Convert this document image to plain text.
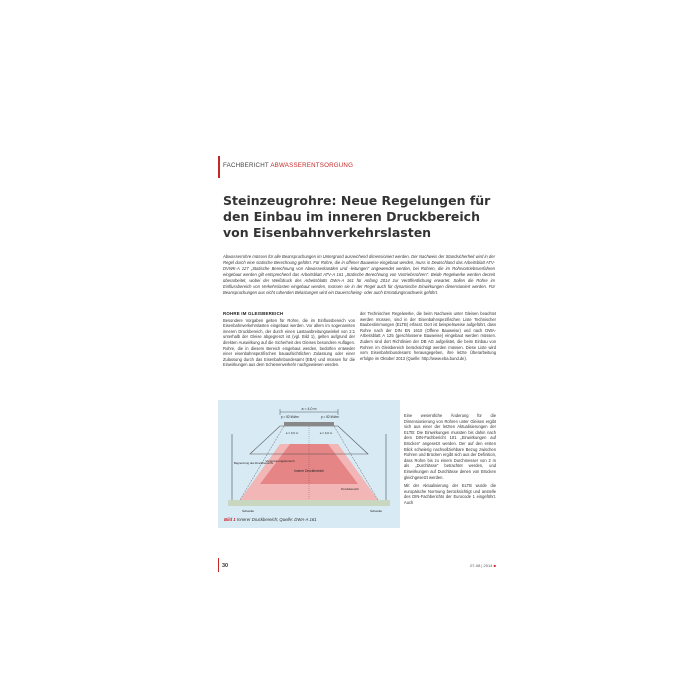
FACHBERICHT ABWASSERENTSORGUNG
Steinzeugrohre: Neue Regelungen für
den Einbau im inneren Druckbereich
von Eisenbahnverkehrslasten
Abwasserrohre müssen für alle Beanspruchungen im Untergrund ausreichend dimensioniert werden. Der Nachweis der Standsicherheit wird in der Regel durch eine statische Berechnung geführt. Für Rohre, die in offener Bauweise eingebaut werden, muss in Deutschland das Arbeitsblatt ATV-DVWK-A 127 „Statische Berechnung von Abwasserkanälen und -leitungen“ angewendet werden, bei Rohren, die im Rohrvortriebsverfahren eingebaut werden gilt entsprechend das Arbeitsblatt ATV-A 161 „Statische Berechnung von Vortriebsrohren“. Beide Regelwerke werden derzeit überarbeitet, wobei der Weißdruck des Arbeitsblatts DWA-A 161 für Anfang 2014 zur Veröffentlichung erwartet. Sollen die Rohre im Einflussbereich von Verkehrslasten eingebaut werden, müssen sie in der Regel auch für dynamische Einwirkungen dimensioniert werden. Für Beanspruchungen aus nicht ruhenden Belastungen wird ein Dauerschwing- oder auch Ermüdungsnachweis geführt.
ROHRE IM GLEISBEREICH

Besondere Vorgaben gelten für Rohre, die im Einflussbereich von Eisenbahnverkehrslasten eingebaut werden. Vor allem im sogenannten inneren Druckbereich, der durch einen Lastausbreitungswinkel von 2:1 unterhalb der Gleise abgegrenzt ist (vgl. Bild 1), gelten aufgrund der direkten Auswirkung auf die Sicherheit des Gleises besondere Auflagen. Rohre, die in diesem Bereich eingebaut werden, bedürfen entweder einer eisenbahnspezifischen bauaufsichtlichen Zulassung oder einer Zulassung durch das Eisenbahnbundesamt (EBA) und müssen für die Einwirkungen aus dem Schienenverkehr nachgewiesen werden.

der Technischen Regelwerke, die beim Nachweis unter Gleisen beachtet werden müssen, sind in der Eisenbahnspezifischen Liste Technischer Baubestimmungen (ELTB) erfasst. Dort ist beispielsweise aufgeführt, dass Rohre nach der DIN EN 1610 (Offene Bauweise) und nach DWA-Arbeitsblatt A 125 (geschlossene Bauweise) eingebaut werden müssen. Zudem sind dort Richtlinien der DB AG aufgelistet, die beim Einbau von Rohren im Gleisbereich berücksichtigt werden müssen. Diese Liste wird vom Eisenbahnbundesamt herausgegeben, ihre letzte Überarbeitung erfolgte im Oktober 2013 (Quelle: http://www.eba.bund.de).

Eine wesentliche Änderung für die Dimensionierung von Rohren unter Gleisen ergibt sich aus einer der letzten Aktualisierungen der ELTB: Die Einwirkungen mussten bis dahin nach dem DIN-Fachbericht 101 „Einwirkungen auf Brücken“ angesetzt werden. Der auf den ersten Blick schwierig nachvollziehbare Bezug zwischen Rohren und Brücken ergibt sich aus der Definition, dass Rohre bis zu einem Durchmesser von 2 m als „Durchlässe“ betrachtet werden, und Einwirkungen auf Durchlässe denen von Brücken gleichgesetzt werden.

Mit der Aktualisierung der ELTB wurde die europäische Normung berücksichtigt und anstelle des DIN-Fachberichts der Eurocode 1 eingeführt. Auch

a = 4,0 m
p = 52 kN/m²	p = 52 kN/m²
a = 3,0 m	a = 3,0 m
Vorspannungsbereich
Innerer Druckbereich
Druckbereich
Begrenzung des Druckbereichs
Schwelle	Schwelle
Bild 1 Innerer Druckbereich; Quelle: DWA-A 161
30	07-08 | 2014 ■
